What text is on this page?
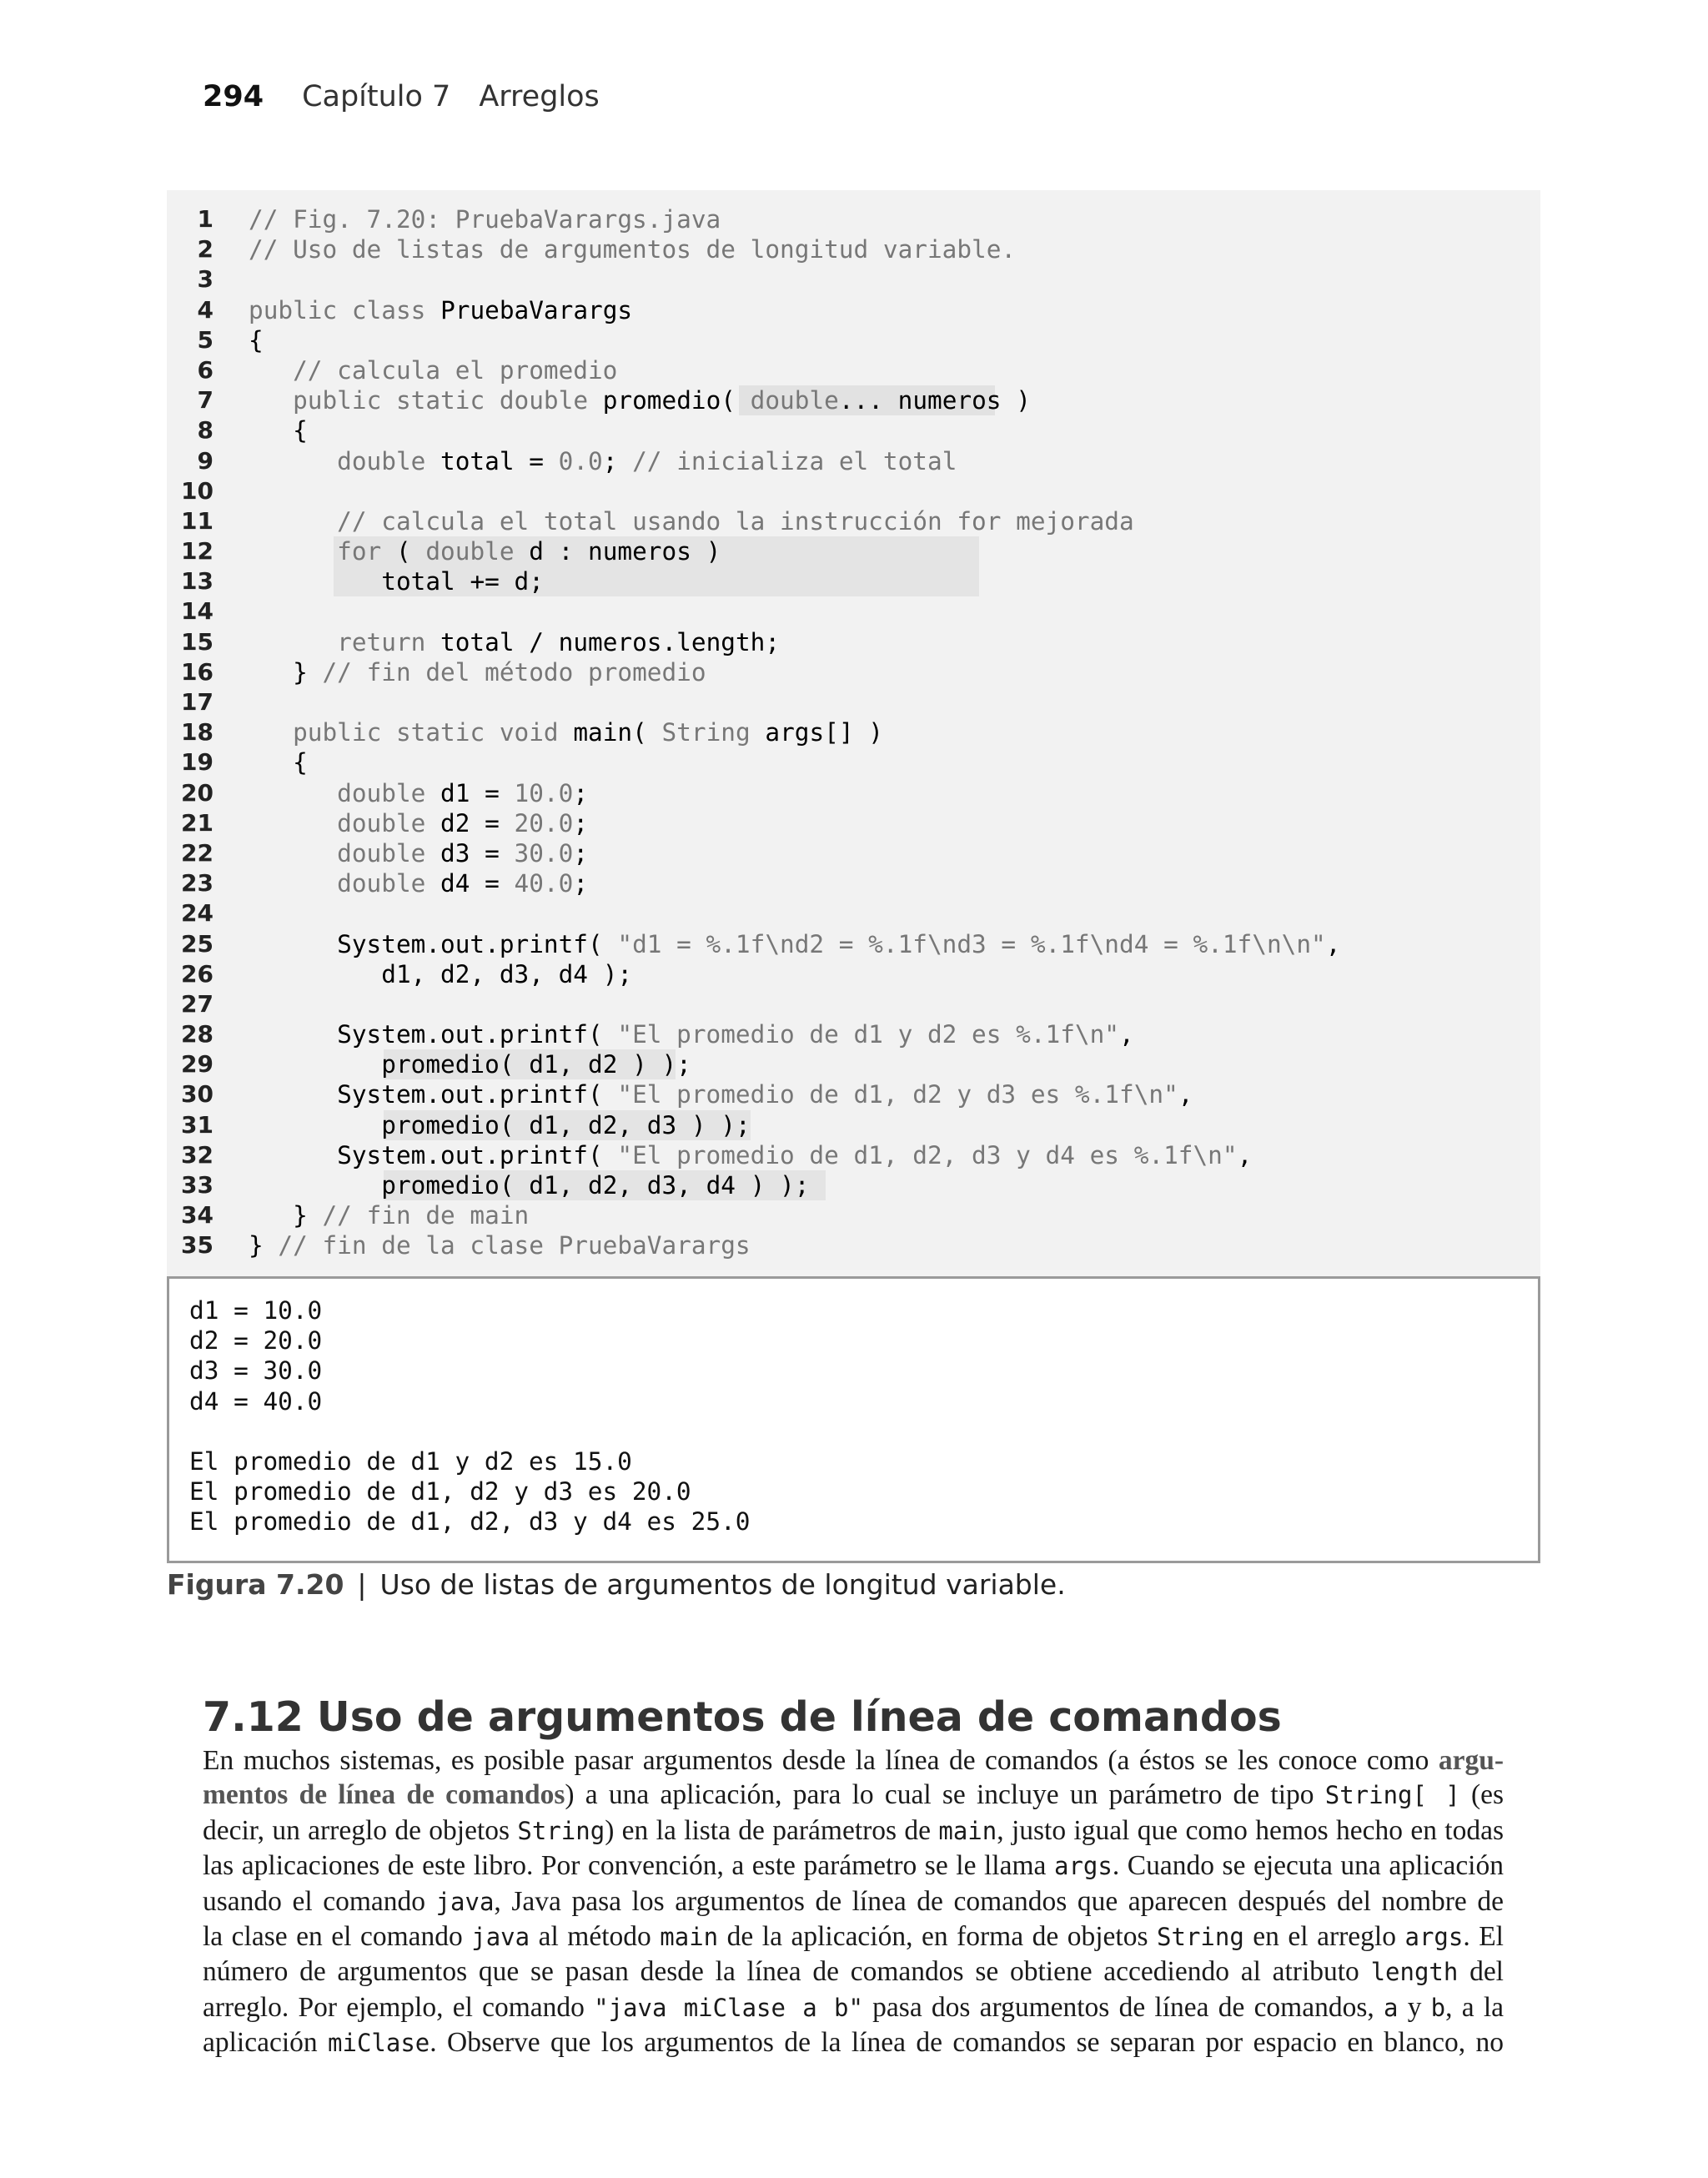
294 Capítulo 7 Arreglos
1 // Fig. 7.20: PruebaVarargs.java
2 // Uso de listas de argumentos de longitud variable.
3
4 public class PruebaVarargs
5 {
6	// calcula el promedio
7	public static double promedio( double... numeros )
8 {
9	double total = 0.0; // inicializa el total
10
11	// calcula el total usando la instrucción for mejorada
12	for ( double d : numeros )
13	total += d;
14
15	return total / numeros.length;
16 } // fin del método promedio
17
18	public static void main( String args[] )
19 {
20	double d1 = 10.0;
21	double d2 = 20.0;
22	double d3 = 30.0;
23	double d4 = 40.0;
24
25	System.out.printf( "d1 = %.1f\nd2 = %.1f\nd3 = %.1f\nd4 = %.1f\n\n",
26	d1, d2, d3, d4 );
27
28	System.out.printf( "El promedio de d1 y d2 es %.1f\n",
29	promedio( d1, d2 ) );
30	System.out.printf( "El promedio de d1, d2 y d3 es %.1f\n",
31	promedio( d1, d2, d3 ) );
32	System.out.printf( "El promedio de d1, d2, d3 y d4 es %.1f\n",
33	promedio( d1, d2, d3, d4 ) );
34 } // fin de main
35 } // fin de la clase PruebaVarargs
d1 = 10.0
d2 = 20.0
d3 = 30.0
d4 = 40.0
El promedio de d1 y d2 es 15.0
El promedio de d1, d2 y d3 es 20.0
El promedio de d1, d2, d3 y d4 es 25.0
Figura 7.20 | Uso de listas de argumentos de longitud variable.
7.12 Uso de argumentos de línea de comandos
En muchos sistemas, es posible pasar argumentos desde la línea de comandos (a éstos se les conoce como argu-
mentos de línea de comandos) a una aplicación, para lo cual se incluye un parámetro de tipo String[ ] (es
decir, un arreglo de objetos String) en la lista de parámetros de main, justo igual que como hemos hecho en todas
las aplicaciones de este libro. Por convención, a este parámetro se le llama args. Cuando se ejecuta una aplicación
usando el comando java, Java pasa los argumentos de línea de comandos que aparecen después del nombre de
la clase en el comando java al método main de la aplicación, en forma de objetos String en el arreglo args. El
número de argumentos que se pasan desde la línea de comandos se obtiene accediendo al atributo length del
arreglo. Por ejemplo, el comando "java miClase a b" pasa dos argumentos de línea de comandos, a y b, a la
aplicación miClase. Observe que los argumentos de la línea de comandos se separan por espacio en blanco, no
